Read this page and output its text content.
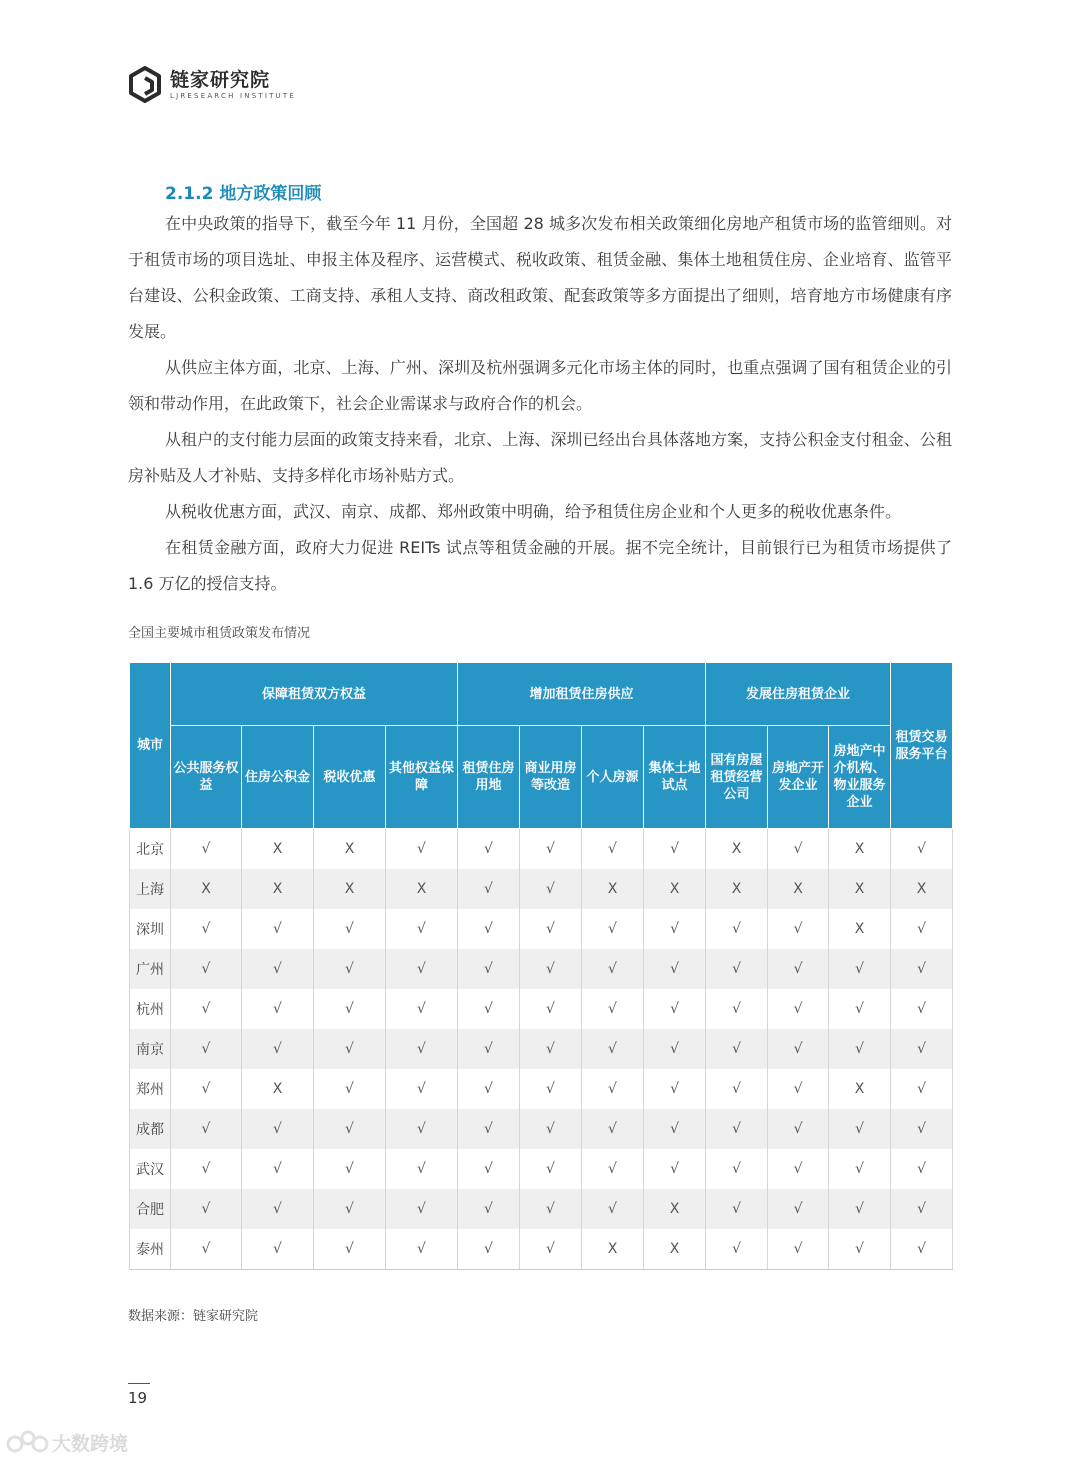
链家研究院
LJRESEARCH INSTITUTE
2.1.2 地方政策回顾

在中央政策的指导下，截至今年 11 月份，全国超 28 城多次发布相关政策细化房地产租赁市场的监管细则。对于租赁市场的项目选址、申报主体及程序、运营模式、税收政策、租赁金融、集体土地租赁住房、企业培育、监管平台建设、公积金政策、工商支持、承租人支持、商改租政策、配套政策等多方面提出了细则，培育地方市场健康有序发展。

从供应主体方面，北京、上海、广州、深圳及杭州强调多元化市场主体的同时，也重点强调了国有租赁企业的引领和带动作用，在此政策下，社会企业需谋求与政府合作的机会。

从租户的支付能力层面的政策支持来看，北京、上海、深圳已经出台具体落地方案，支持公积金支付租金、公租房补贴及人才补贴、支持多样化市场补贴方式。

从税收优惠方面，武汉、南京、成都、郑州政策中明确，给予租赁住房企业和个人更多的税收优惠条件。

在租赁金融方面，政府大力促进 REITs 试点等租赁金融的开展。据不完全统计，目前银行已为租赁市场提供了 1.6 万亿的授信支持。

全国主要城市租赁政策发布情况
城市	保障租赁双方权益				增加租赁住房供应				发展住房租赁企业			租赁交易服务平台
	公共服务权益	住房公积金	税收优惠	其他权益保障	租赁住房用地	商业用房等改造	个人房源	集体土地试点	国有房屋租赁经营公司	房地产开发企业	房地产中介机构、物业服务企业	
北京	√	X	X	√	√	√	√	√	X	√	X	√
上海	X	X	X	X	√	√	X	X	X	X	X	X
深圳	√	√	√	√	√	√	√	√	√	√	X	√
广州	√	√	√	√	√	√	√	√	√	√	√	√
杭州	√	√	√	√	√	√	√	√	√	√	√	√
南京	√	√	√	√	√	√	√	√	√	√	√	√
郑州	√	X	√	√	√	√	√	√	√	√	X	√
成都	√	√	√	√	√	√	√	√	√	√	√	√
武汉	√	√	√	√	√	√	√	√	√	√	√	√
合肥	√	√	√	√	√	√	√	X	√	√	√	√
泰州	√	√	√	√	√	√	X	X	√	√	√	√
数据来源：链家研究院
19
大数跨境
